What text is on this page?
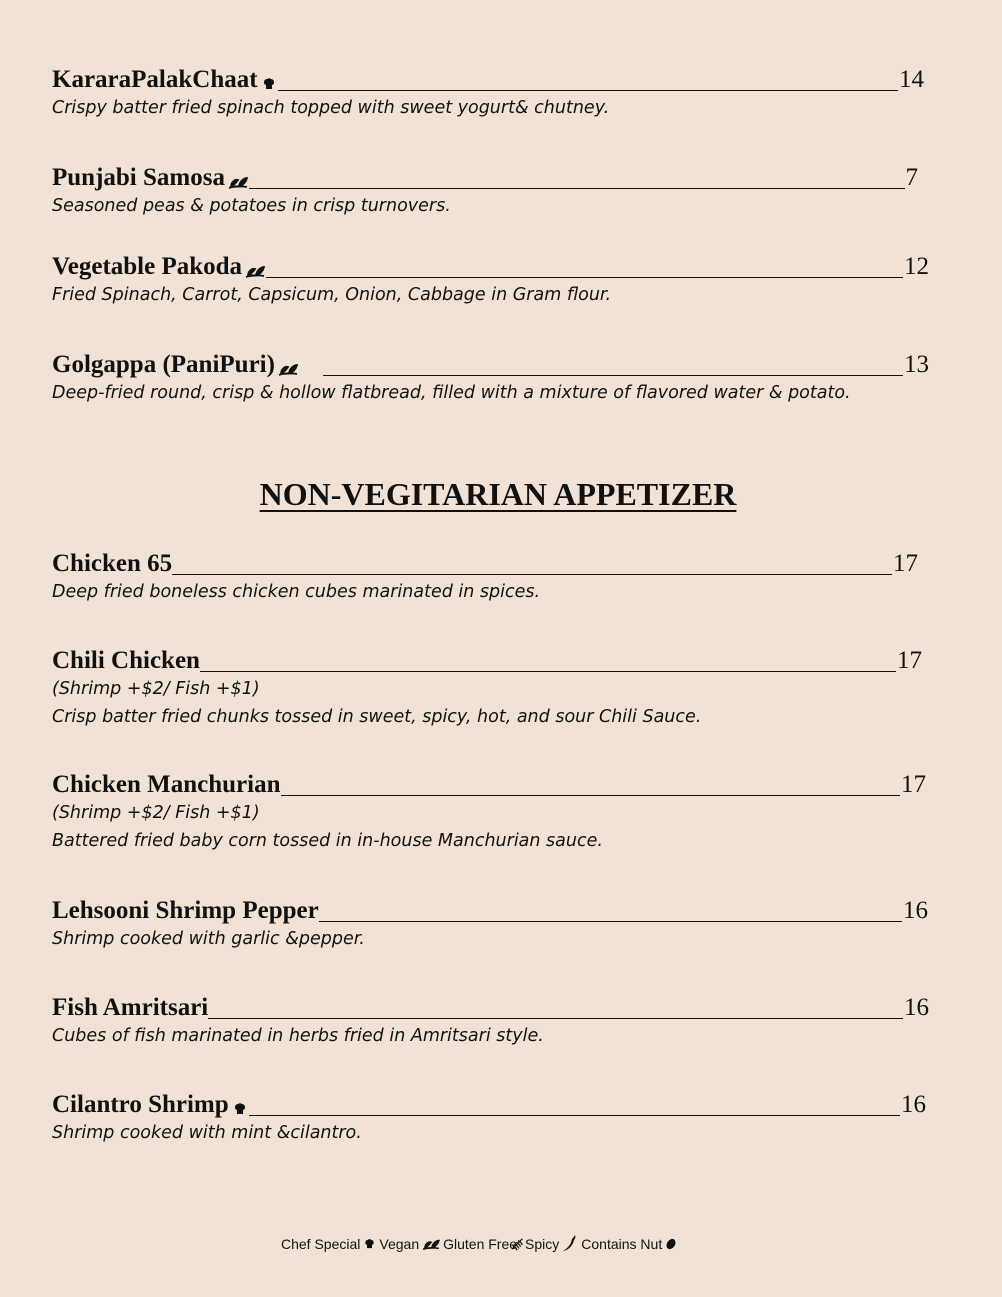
KararaPalakChaat	14
Crispy batter fried spinach topped with sweet yogurt& chutney.
Punjabi Samosa	7
Seasoned peas & potatoes in crisp turnovers.
Vegetable Pakoda	12
Fried Spinach, Carrot, Capsicum, Onion, Cabbage in Gram flour.
Golgappa (PaniPuri)	13
Deep-fried round, crisp & hollow flatbread, filled with a mixture of flavored water & potato.
NON-VEGITARIAN APPETIZER
Chicken 65	17
Deep fried boneless chicken cubes marinated in spices.
Chili Chicken	17
(Shrimp +$2/ Fish +$1)
Crisp batter fried chunks tossed in sweet, spicy, hot, and sour Chili Sauce.
Chicken Manchurian	17
(Shrimp +$2/ Fish +$1)
Battered fried baby corn tossed in in-house Manchurian sauce.
Lehsooni Shrimp Pepper	16
Shrimp cooked with garlic &pepper.
Fish Amritsari	16
Cubes of fish marinated in herbs fried in Amritsari style.
Cilantro Shrimp	16
Shrimp cooked with mint &cilantro.
Chef Special Vegan Gluten Free Spicy Contains Nut
